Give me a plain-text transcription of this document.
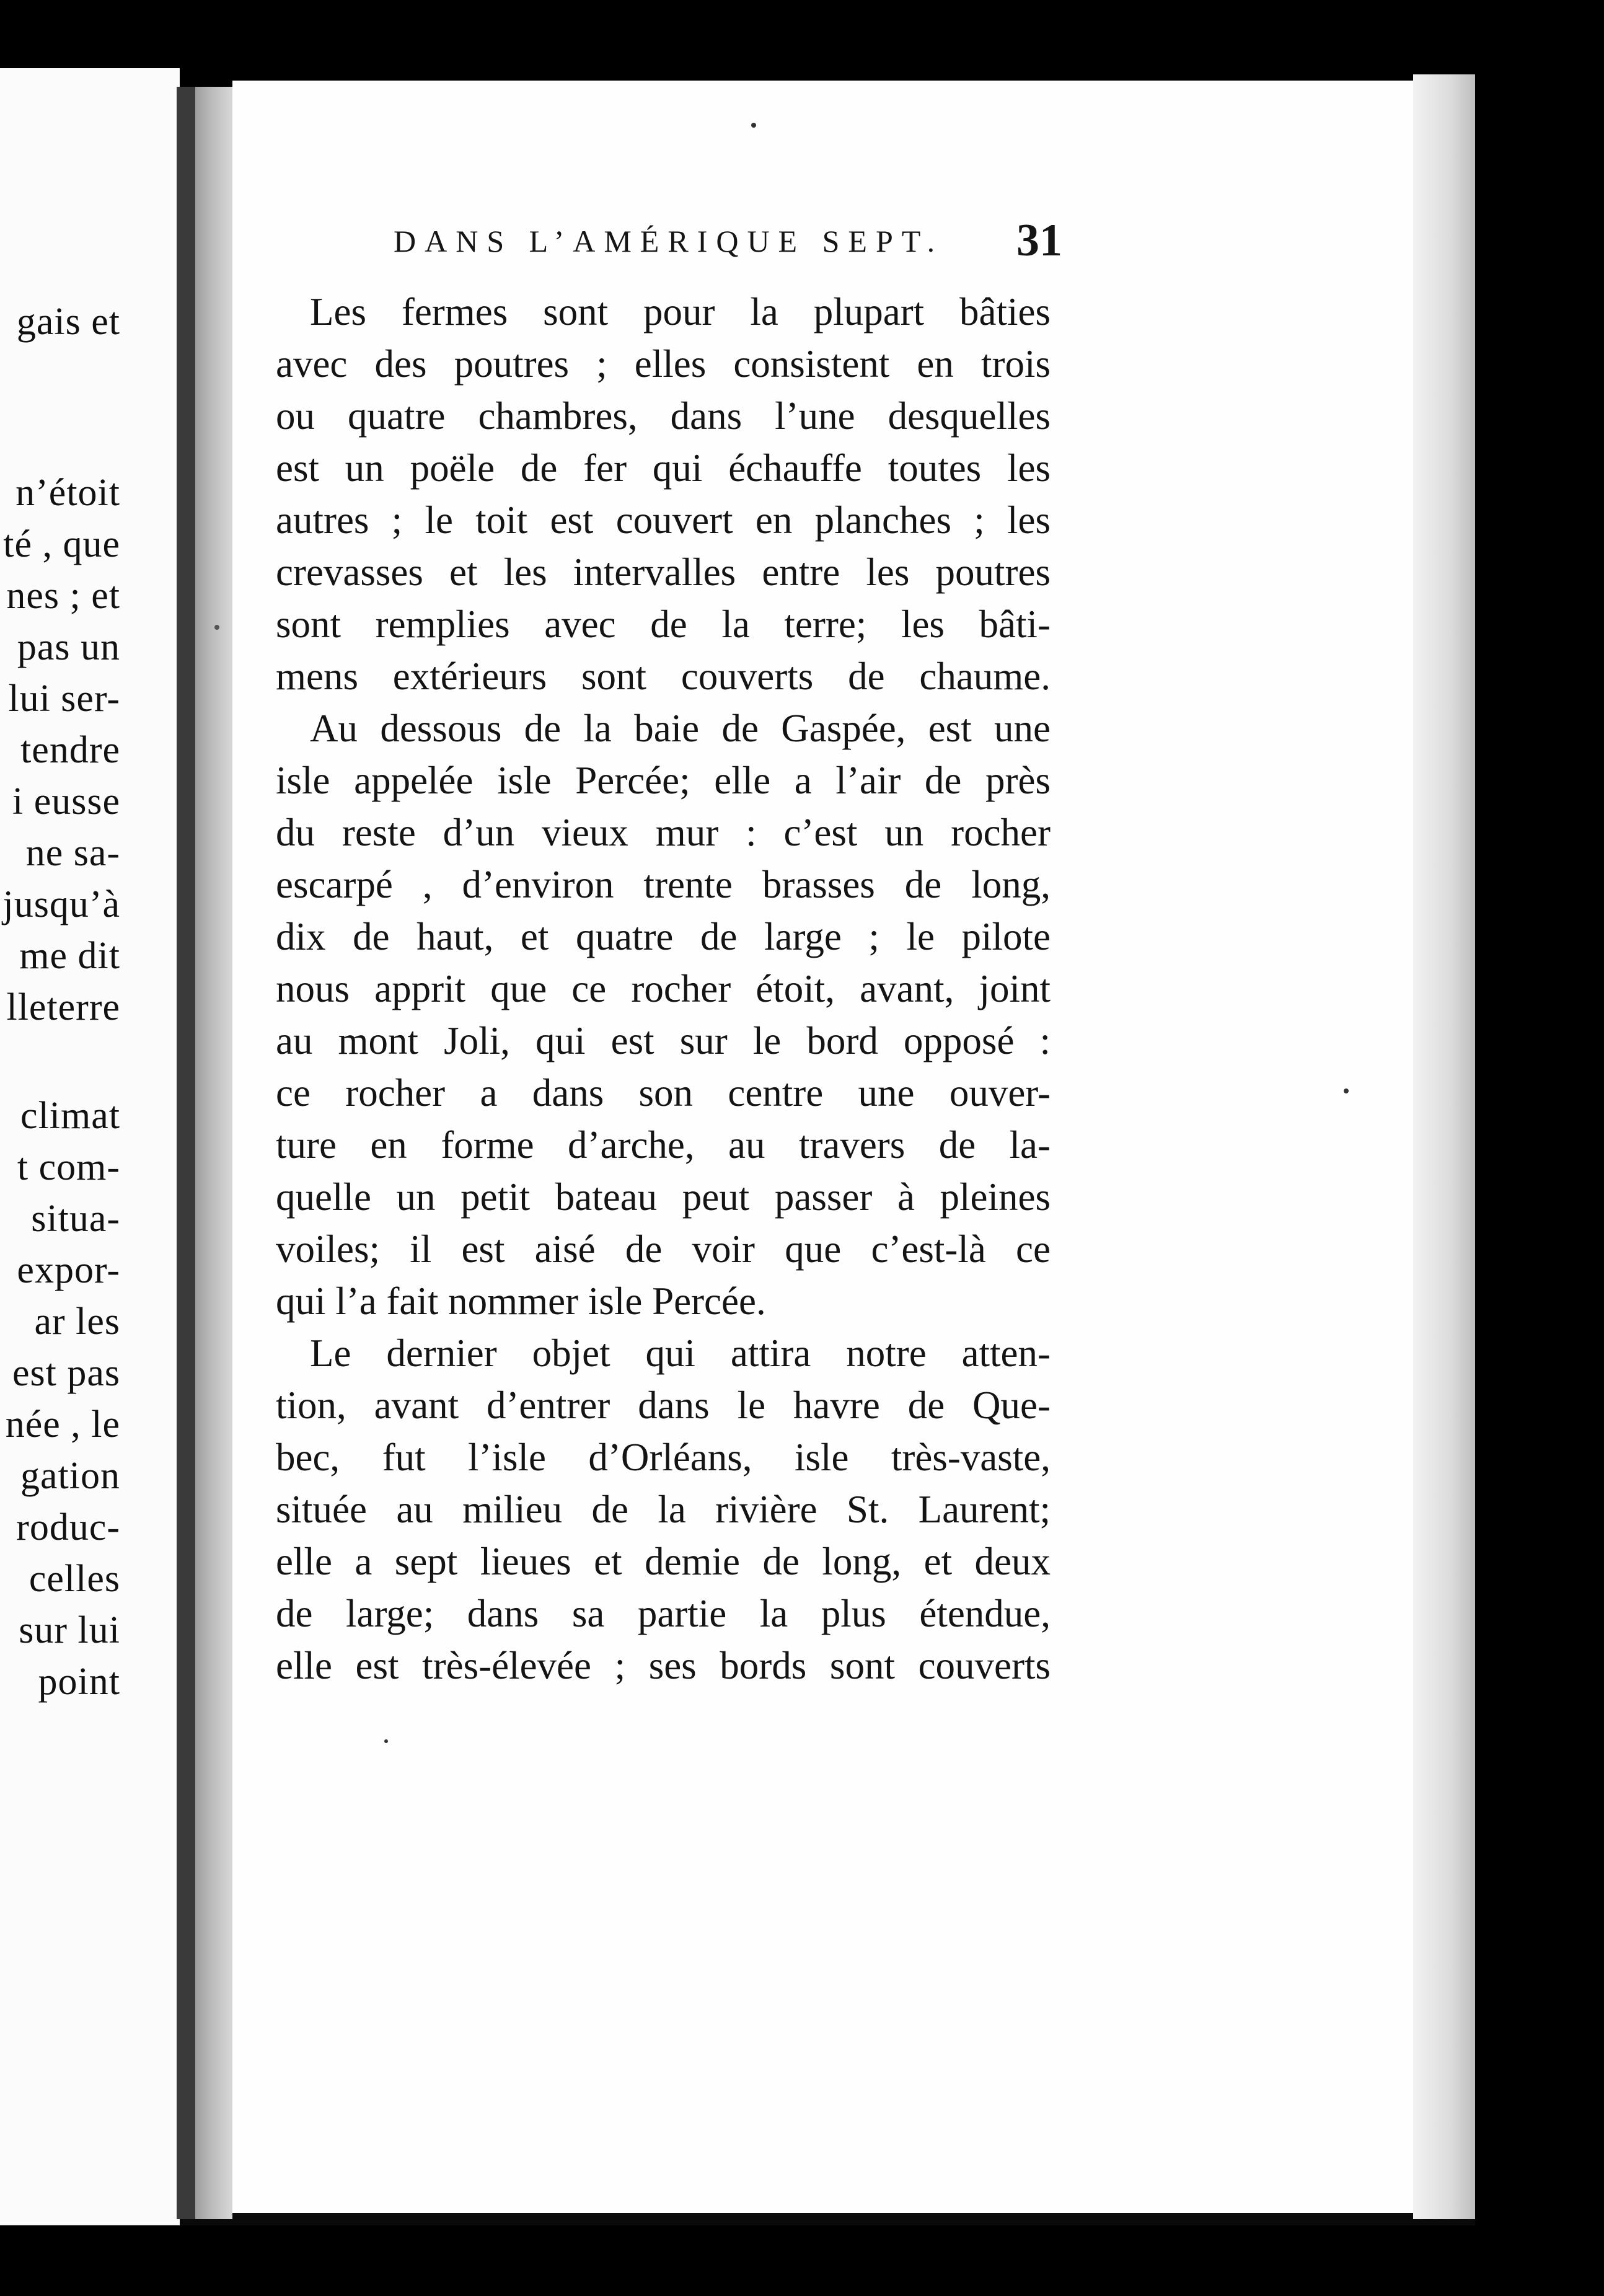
gais et
n’étoit
té , que
nes ; et
pas un
lui ser-
tendre
i eusse
ne sa-
jusqu’à
me dit
lleterre
climat
t com-
situa-
expor-
ar les
est pas
née , le
gation
roduc-
celles
sur lui
point
DANS L’AMÉRIQUE SEPT. 31
Les fermes sont pour la plupart bâties
avec des poutres ; elles consistent en trois
ou quatre chambres, dans l’une desquelles
est un poële de fer qui échauffe toutes les
autres ; le toit est couvert en planches ; les
crevasses et les intervalles entre les poutres
sont remplies avec de la terre; les bâti-
mens extérieurs sont couverts de chaume.
Au dessous de la baie de Gaspée, est une
isle appelée isle Percée; elle a l’air de près
du reste d’un vieux mur : c’est un rocher
escarpé , d’environ trente brasses de long,
dix de haut, et quatre de large ; le pilote
nous apprit que ce rocher étoit, avant, joint
au mont Joli, qui est sur le bord opposé :
ce rocher a dans son centre une ouver-
ture en forme d’arche, au travers de la-
quelle un petit bateau peut passer à pleines
voiles; il est aisé de voir que c’est-là ce
qui l’a fait nommer isle Percée.
Le dernier objet qui attira notre atten-
tion, avant d’entrer dans le havre de Que-
bec, fut l’isle d’Orléans, isle très-vaste,
située au milieu de la rivière St. Laurent;
elle a sept lieues et demie de long, et deux
de large; dans sa partie la plus étendue,
elle est très-élevée ; ses bords sont couverts
